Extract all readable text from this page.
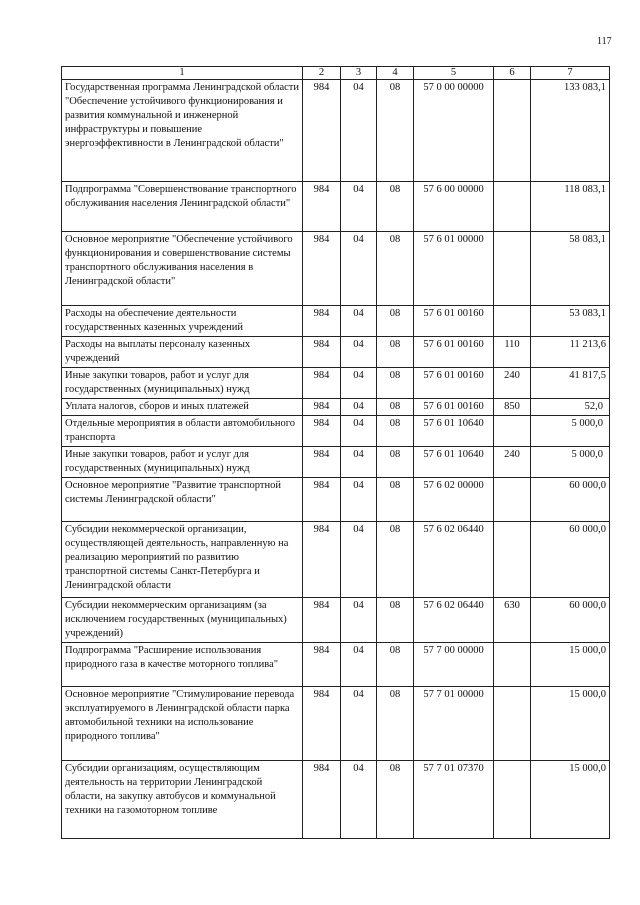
117
1	2	3	4	5	6	7
Государственная программа Ленинградской области "Обеспечение устойчивого функционирования и развития коммунальной и инженерной инфраструктуры и повышение энергоэффективности в Ленинградской области"	984	04	08	57 0 00 00000		133 083,1
Подпрограмма "Совершенствование транспортного обслуживания населения Ленинградской области"	984	04	08	57 6 00 00000		118 083,1
Основное мероприятие "Обеспечение устойчивого функционирования и совершенствование системы транспортного обслуживания населения в Ленинградской области"	984	04	08	57 6 01 00000		58 083,1
Расходы на обеспечение деятельности государственных казенных учреждений	984	04	08	57 6 01 00160		53 083,1
Расходы на выплаты персоналу казенных учреждений	984	04	08	57 6 01 00160	110	11 213,6
Иные закупки товаров, работ и услуг для государственных (муниципальных) нужд	984	04	08	57 6 01 00160	240	41 817,5
Уплата налогов, сборов и иных платежей	984	04	08	57 6 01 00160	850	52,0
Отдельные мероприятия в области автомобильного транспорта	984	04	08	57 6 01 10640		5 000,0
Иные закупки товаров, работ и услуг для государственных (муниципальных) нужд	984	04	08	57 6 01 10640	240	5 000,0
Основное мероприятие "Развитие транспортной системы Ленинградской области"	984	04	08	57 6 02 00000		60 000,0
Субсидии некоммерческой организации, осуществляющей деятельность, направленную на реализацию мероприятий по развитию транспортной системы Санкт-Петербурга и Ленинградской области	984	04	08	57 6 02 06440		60 000,0
Субсидии некоммерческим организациям (за исключением государственных (муниципальных) учреждений)	984	04	08	57 6 02 06440	630	60 000,0
Подпрограмма "Расширение использования природного газа в качестве моторного топлива"	984	04	08	57 7 00 00000		15 000,0
Основное мероприятие "Стимулирование перевода эксплуатируемого в Ленинградской области парка автомобильной техники на использование природного топлива"	984	04	08	57 7 01 00000		15 000,0
Субсидии организациям, осуществляющим деятельность на территории Ленинградской области, на закупку автобусов и коммунальной техники на газомоторном топливе	984	04	08	57 7 01 07370		15 000,0
